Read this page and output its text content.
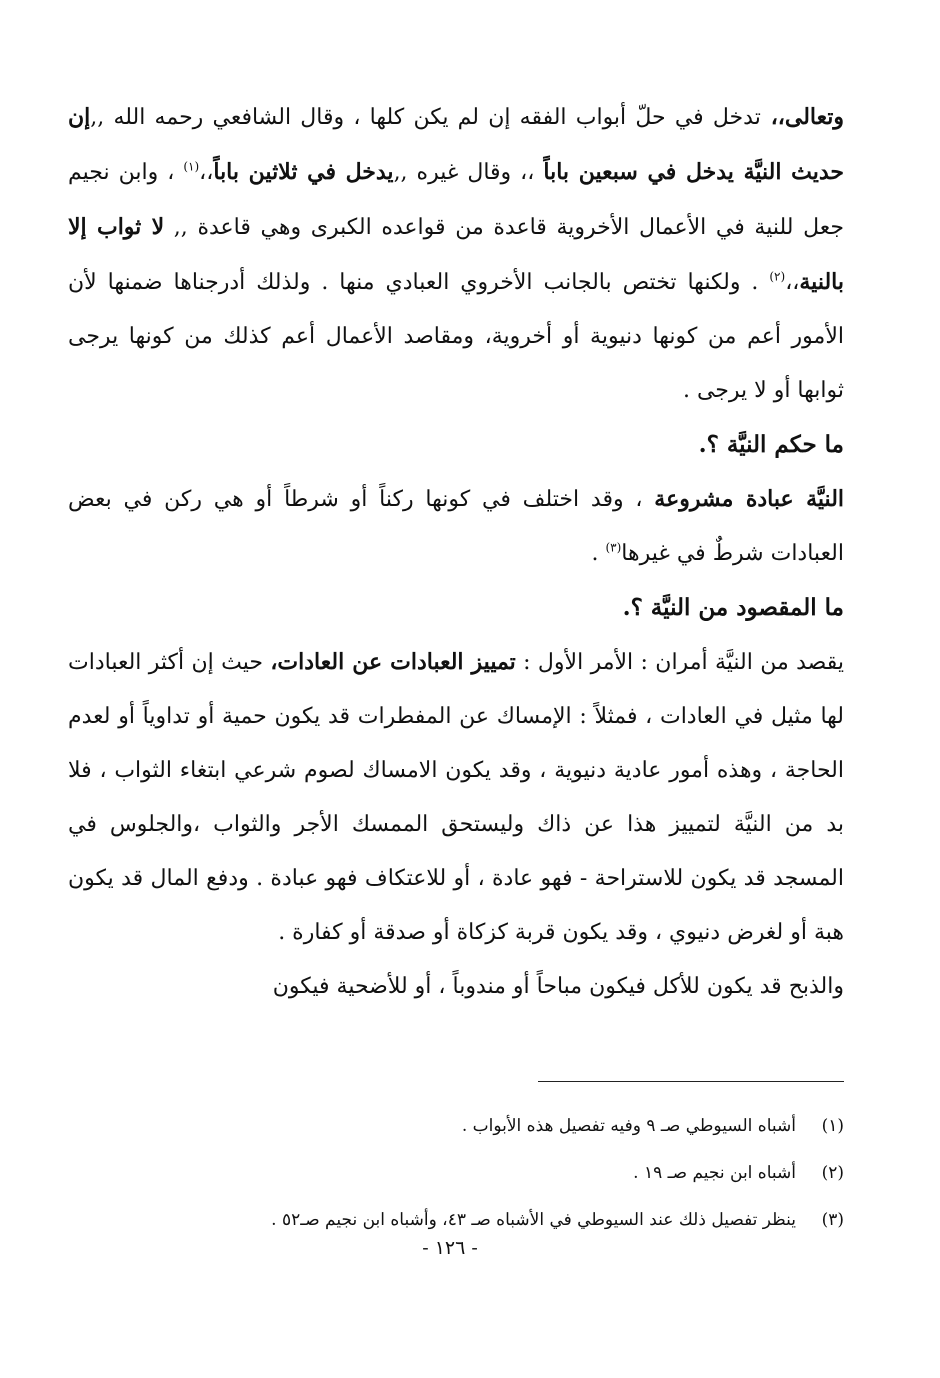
وتعالى،، تدخل في حلّ أبواب الفقه إن لم يكن كلها ، وقال الشافعي رحمه الله ,,إن حديث النيَّة يدخل في سبعين باباً ،، وقال غيره ,,يدخل في ثلاثين باباً،،$^{(١)}$ ، وابن نجيم جعل للنية في الأعمال الأخروية قاعدة من قواعده الكبرى وهي قاعدة ,, لا ثواب إلا بالنية،،$^{(٢)}$ . ولكنها تختص بالجانب الأخروي العبادي منها . ولذلك أدرجناها ضمنها لأن الأمور أعم من كونها دنيوية أو أخروية، ومقاصد الأعمال أعم كذلك من كونها يرجى ثوابها أو لا يرجى .

ما حكم النيَّة ؟.

النيَّة عبادة مشروعة ، وقد اختلف في كونها ركناً أو شرطاً أو هي ركن في بعض العبادات شرطٌ في غيرها$^{(٣)}$ .

ما المقصود من النيَّة ؟.

يقصد من النيَّة أمران : الأمر الأول : تمييز العبادات عن العادات، حيث إن أكثر العبادات لها مثيل في العادات ، فمثلاً : الإمساك عن المفطرات قد يكون حمية أو تداوياً أو لعدم الحاجة ، وهذه أمور عادية دنيوية ، وقد يكون الامساك لصوم شرعي ابتغاء الثواب ، فلا بد من النيَّة لتمييز هذا عن ذاك وليستحق الممسك الأجر والثواب ،والجلوس في المسجد قد يكون للاستراحة - فهو عادة ، أو للاعتكاف فهو عبادة . ودفع المال قد يكون هبة أو لغرض دنيوي ، وقد يكون قربة كزكاة أو صدقة أو كفارة .

والذبح قد يكون للأكل فيكون مباحاً أو مندوباً ، أو للأضحية فيكون

(١)
أشباه السيوطي صـ ٩ وفيه تفصيل هذه الأبواب .
(٢)
أشباه ابن نجيم صـ ١٩ .
(٣)
ينظر تفصيل ذلك عند السيوطي في الأشباه صـ ٤٣، وأشباه ابن نجيم صـ٥٢ .
- ١٢٦ -
